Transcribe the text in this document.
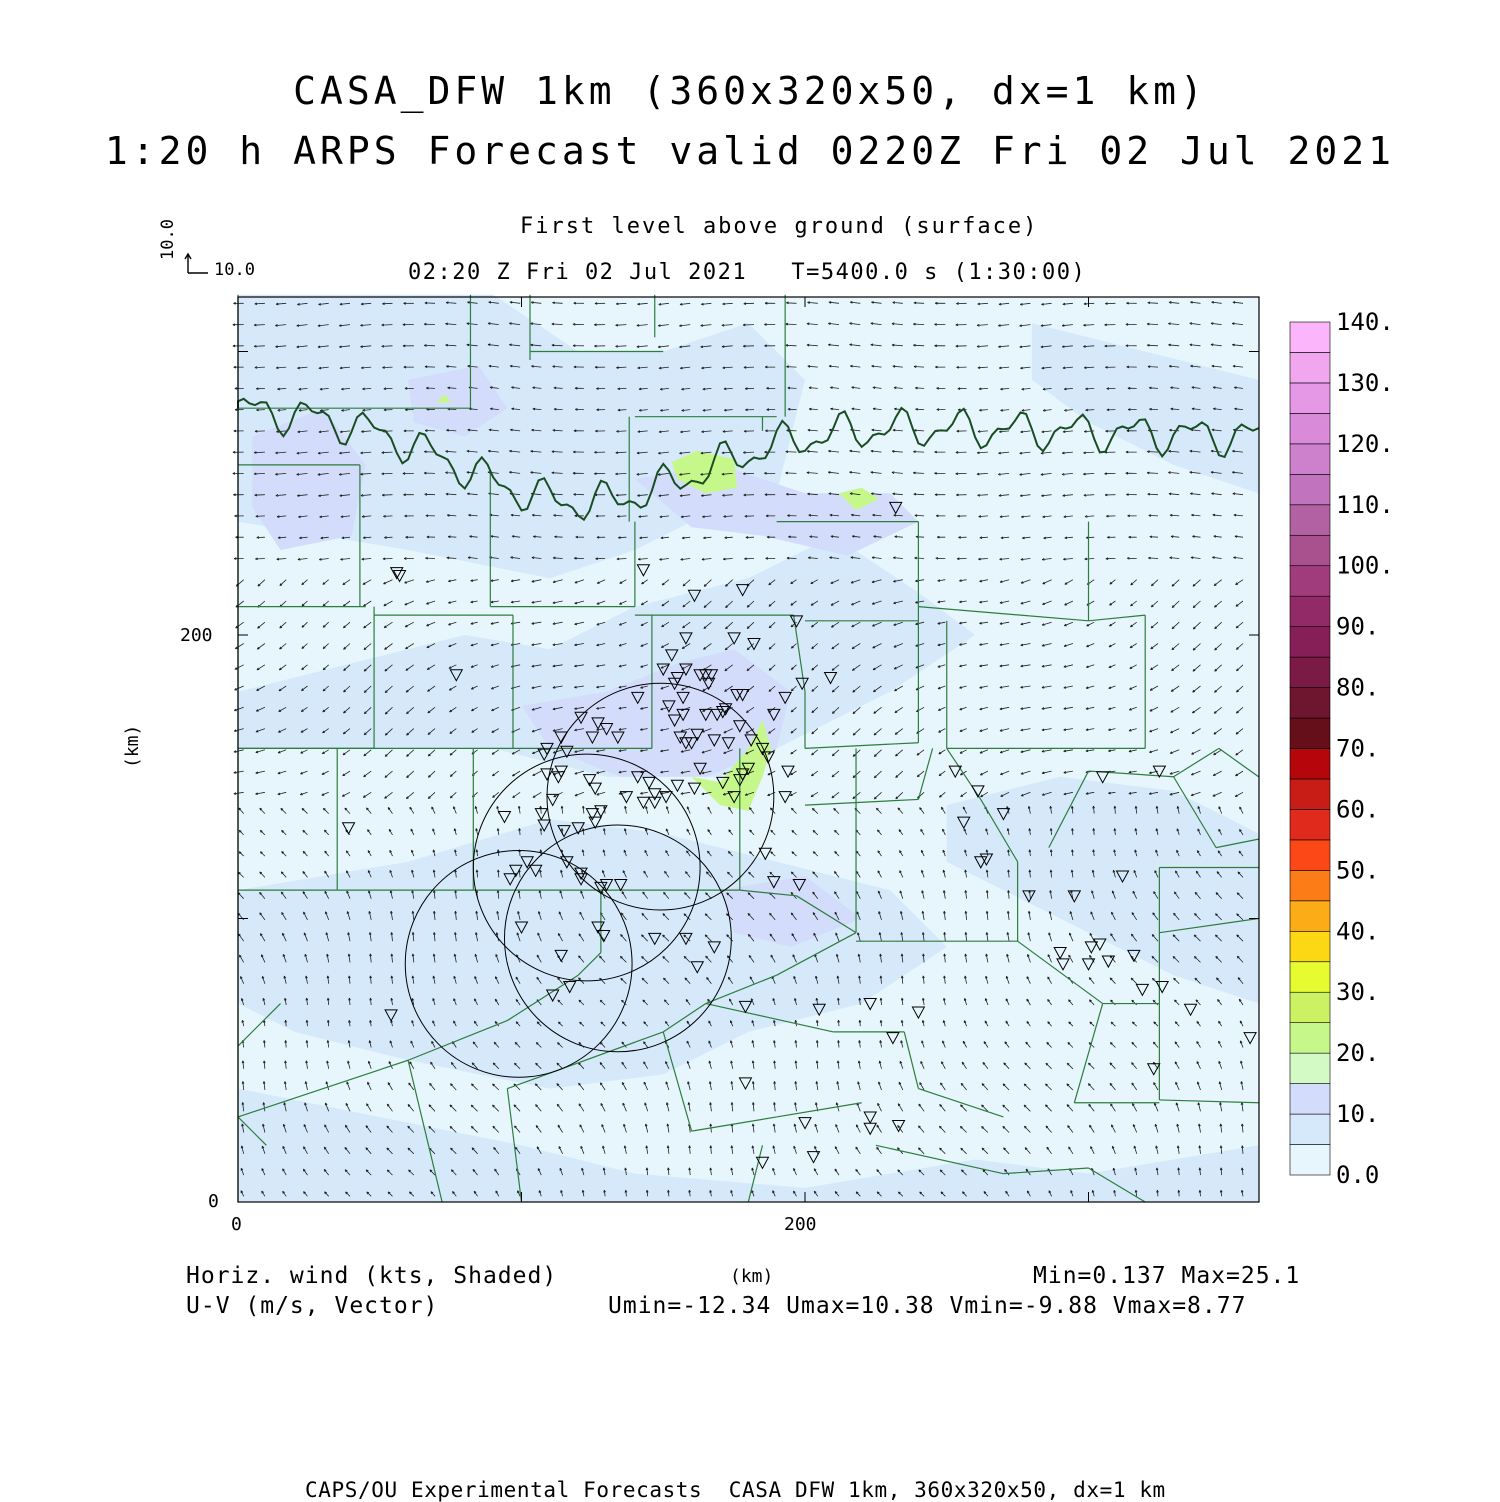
CASA_DFW 1km (360x320x50, dx=1 km)
1:20 h ARPS Forecast valid 0220Z Fri 02 Jul 2021
First level above ground (surface)
02:20 Z Fri 02 Jul 2021   T=5400.0 s (1:30:00)
10.0
10.0
200
0
0	200
(km)
0.0
10.
20.
30.
40.
50.
60.
70.
80.
90.
100.
110.
120.
130.
140.
Horiz. wind (kts, Shaded)
U-V (m/s, Vector)
(km)	Min=0.137 Max=25.1
Umin=-12.34 Umax=10.38 Vmin=-9.88 Vmax=8.77
CAPS/OU Experimental Forecasts  CASA DFW 1km, 360x320x50, dx=1 km
